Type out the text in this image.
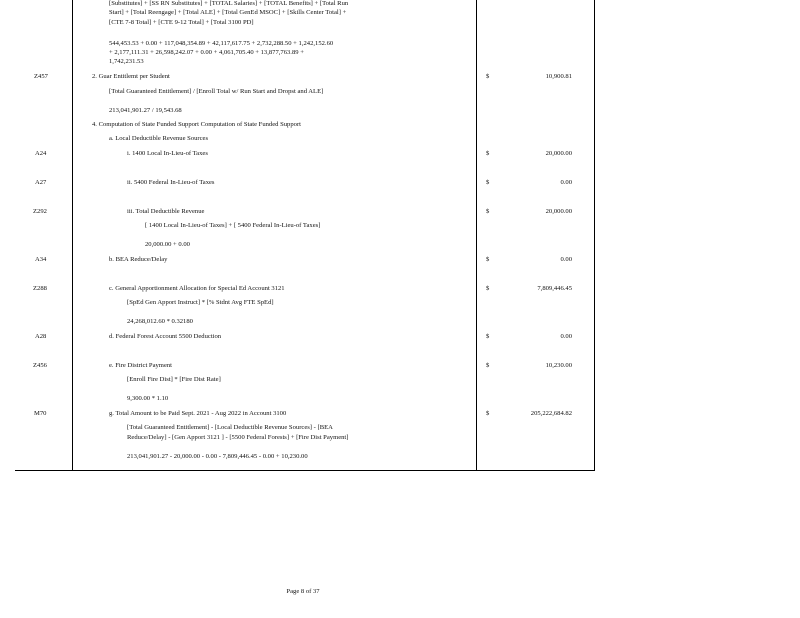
[Substitutes] + [SS RN Substitutes] + [TOTAL Salaries] + [TOTAL Benefits] + [Total Run
Start] + [Total Reengage] + [Total ALE] + [Total GenEd MSOC] + [Skills Center Total] +
[CTE 7-8 Total] + [CTE 9-12 Total] + [Total 3100 PD]
544,453.53 + 0.00 + 117,048,354.89 + 42,117,617.75 + 2,732,288.50 + 1,242,152.60
+ 2,177,111.31 + 26,598,242.07 + 0.00 + 4,061,705.40 + 13,877,763.89 +
1,742,231.53
Z457	2. Guar Entitlemt per Student	$	10,900.81
[Total Guaranteed Entitlement] / [Enroll Total w/ Run Start and Dropst and ALE]
213,041,901.27 / 19,543.68
4. Computation of State Funded Support Computation of State Funded Support
a. Local Deductible Revenue Sources
A24	i. 1400 Local In-Lieu-of Taxes	$	20,000.00
A27	ii. 5400 Federal In-Lieu-of Taxes	$	0.00
Z292	iii. Total Deductible Revenue	$	20,000.00
[ 1400 Local In-Lieu-of Taxes] + [ 5400 Federal In-Lieu-of Taxes]
20,000.00 + 0.00
A34	b. BEA Reduce/Delay	$	0.00
Z288	c. General Apportionment Allocation for Special Ed Account 3121	$	7,809,446.45
[SpEd Gen Apport Instruct] * [% Stdnt Avg FTE SpEd]
24,268,012.60 * 0.32180
A28	d. Federal Forest Account 5500 Deduction	$	0.00
Z456	e. Fire District Payment	$	10,230.00
[Enroll Fire Dist] * [Fire Dist Rate]
9,300.00 * 1.10
M70	g. Total Amount to be Paid Sept. 2021 - Aug 2022 in Account 3100	$	205,222,684.82
[Total Guaranteed Entitlement] - [Local Deductible Revenue Sources] - [BEA
Reduce/Delay] - [Gen Apport 3121 ] - [5500 Federal Forests] + [Fire Dist Payment]
213,041,901.27 - 20,000.00 - 0.00 - 7,809,446.45 - 0.00 + 10,230.00
Page 8 of 37
